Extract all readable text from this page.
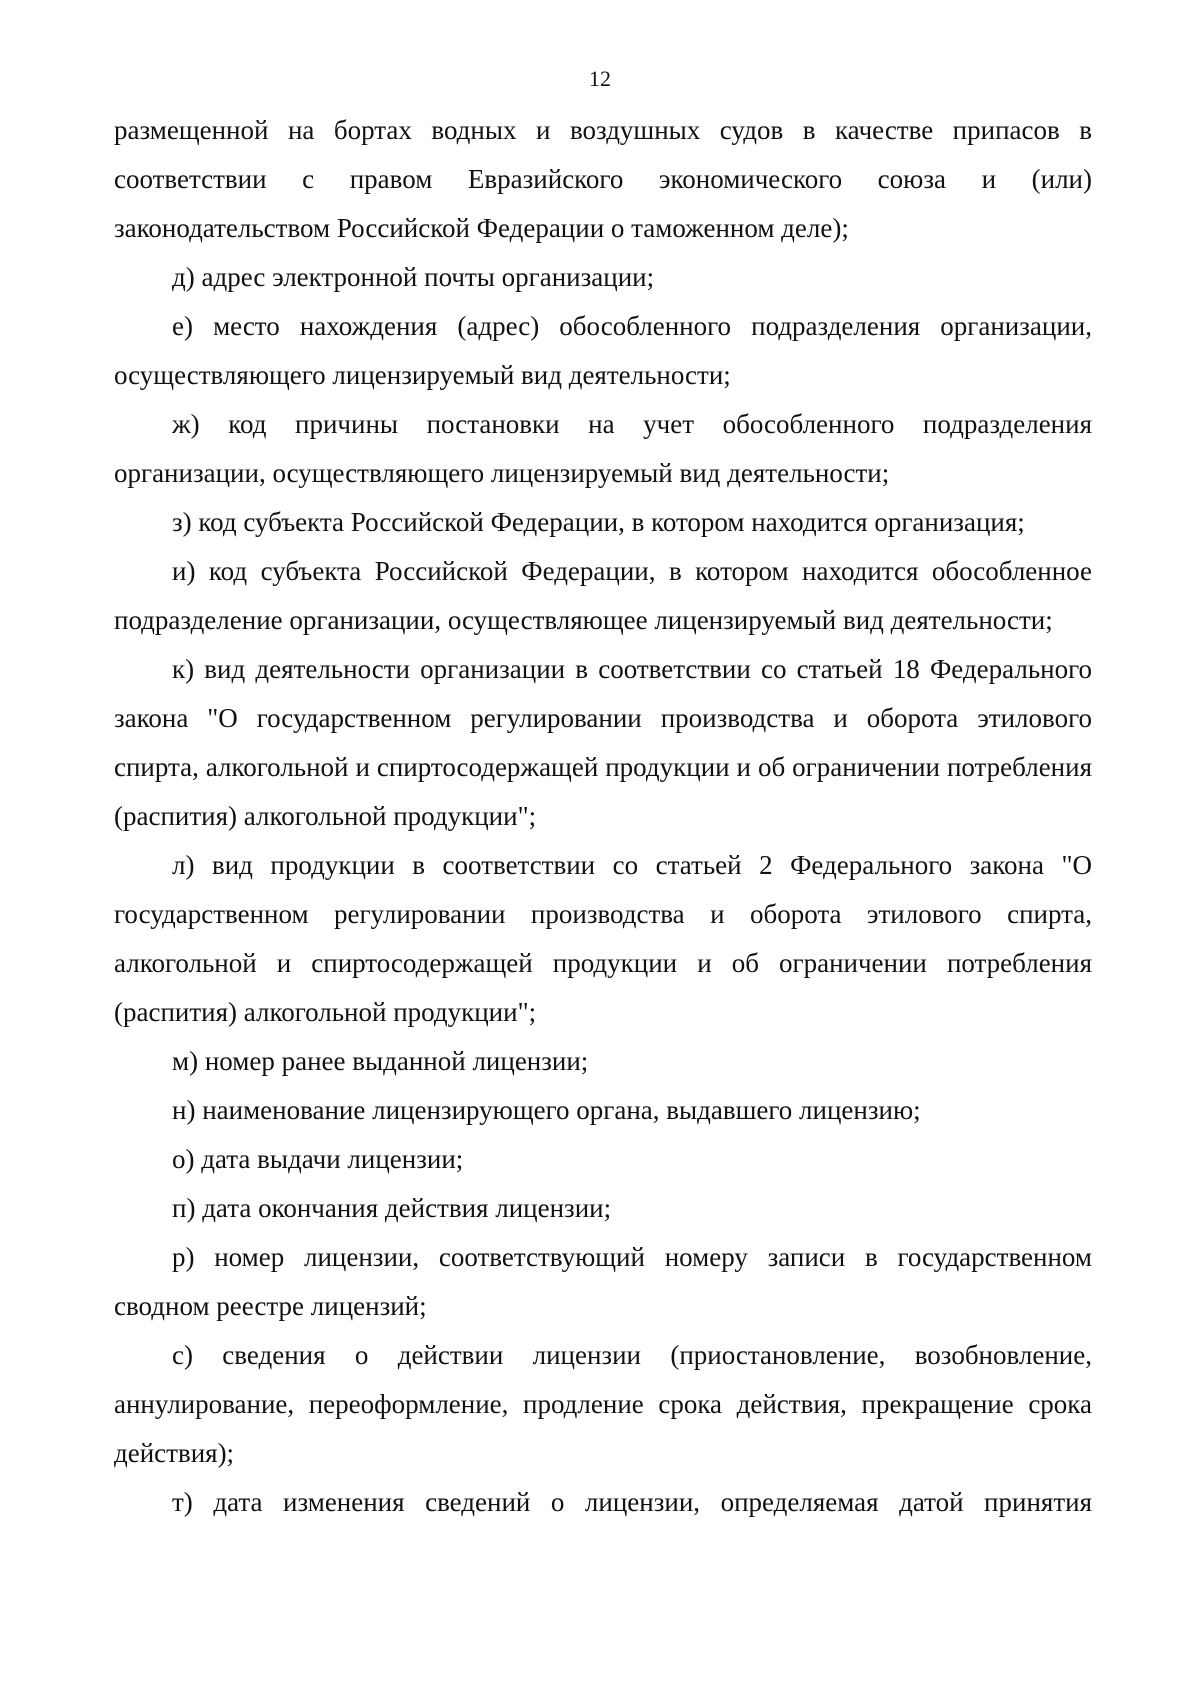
12

размещенной на бортах водных и воздушных судов в качестве припасов в соответствии с правом Евразийского экономического союза и (или) законодательством Российской Федерации о таможенном деле);

д) адрес электронной почты организации;

е) место нахождения (адрес) обособленного подразделения организации, осуществляющего лицензируемый вид деятельности;

ж) код причины постановки на учет обособленного подразделения организации, осуществляющего лицензируемый вид деятельности;

з) код субъекта Российской Федерации, в котором находится организация;

и) код субъекта Российской Федерации, в котором находится обособленное подразделение организации, осуществляющее лицензируемый вид деятельности;

к) вид деятельности организации в соответствии со статьей 18 Федерального закона "О государственном регулировании производства и оборота этилового спирта, алкогольной и спиртосодержащей продукции и об ограничении потребления (распития) алкогольной продукции";

л) вид продукции в соответствии со статьей 2 Федерального закона "О государственном регулировании производства и оборота этилового спирта, алкогольной и спиртосодержащей продукции и об ограничении потребления (распития) алкогольной продукции";

м) номер ранее выданной лицензии;

н) наименование лицензирующего органа, выдавшего лицензию;

о) дата выдачи лицензии;

п) дата окончания действия лицензии;

р) номер лицензии, соответствующий номеру записи в государственном сводном реестре лицензий;

с) сведения о действии лицензии (приостановление, возобновление, аннулирование, переоформление, продление срока действия, прекращение срока действия);

т) дата изменения сведений о лицензии, определяемая датой принятия
